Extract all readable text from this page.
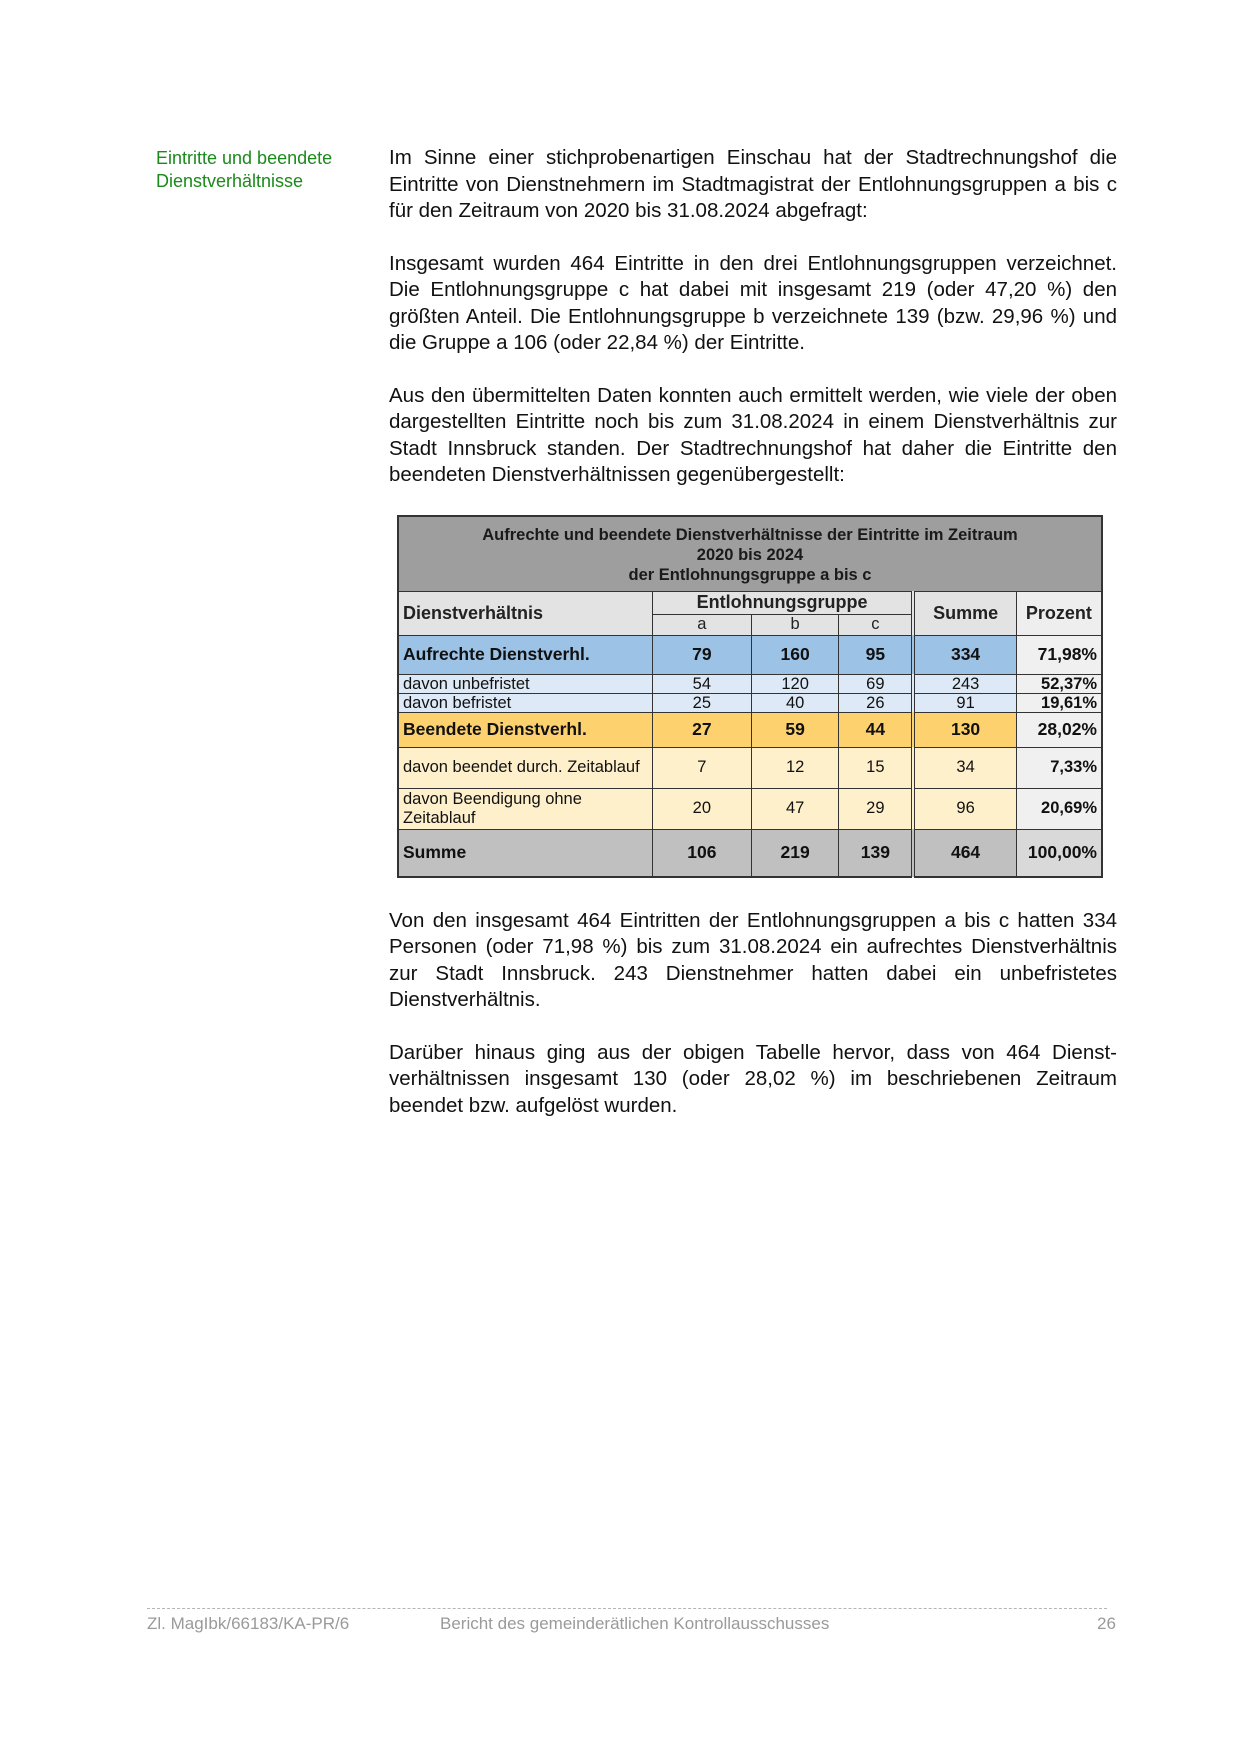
Eintritte und beendete Dienstverhältnisse

Im Sinne einer stichprobenartigen Einschau hat der Stadtrechnungshof die Eintritte von Dienstnehmern im Stadtmagistrat der Entlohnungsgruppen a bis c für den Zeitraum von 2020 bis 31.08.2024 abgefragt:

Insgesamt wurden 464 Eintritte in den drei Entlohnungsgruppen verzeichnet. Die Entlohnungsgruppe c hat dabei mit insgesamt 219 (oder 47,20 %) den größten Anteil. Die Entlohnungsgruppe b verzeichnete 139 (bzw. 29,96 %) und die Gruppe a 106 (oder 22,84 %) der Eintritte.

Aus den übermittelten Daten konnten auch ermittelt werden, wie viele der oben dargestellten Eintritte noch bis zum 31.08.2024 in einem Dienstverhältnis zur Stadt Innsbruck standen. Der Stadtrechnungshof hat daher die Eintritte den beendeten Dienstverhältnissen gegenübergestellt:

Aufrechte und beendete Dienstverhältnisse der Eintritte im Zeitraum
2020 bis 2024
der Entlohnungsgruppe a bis c					

Dienstverhältnis	Entlohnungsgruppe			Summe	Prozent
	a	b	c		
Aufrechte Dienstverhl.	79	160	95	334	71,98%
davon unbefristet	54	120	69	243	52,37%
davon befristet	25	40	26	91	19,61%
Beendete Dienstverhl.	27	59	44	130	28,02%
davon beendet durch. Zeitablauf	7	12	15	34	7,33%
davon Beendigung ohne Zeitablauf	20	47	29	96	20,69%
Summe	106	219	139	464	100,00%

Von den insgesamt 464 Eintritten der Entlohnungsgruppen a bis c hatten 334 Personen (oder 71,98 %) bis zum 31.08.2024 ein aufrechtes Dienstverhältnis zur Stadt Innsbruck. 243 Dienstnehmer hatten dabei ein unbefristetes Dienstverhältnis.

Darüber hinaus ging aus der obigen Tabelle hervor, dass von 464 Dienstverhältnissen insgesamt 130 (oder 28,02 %) im beschriebenen Zeitraum beendet bzw. aufgelöst wurden.

Zl. MagIbk/66183/KA-PR/6	Bericht des gemeinderätlichen Kontrollausschusses	26
